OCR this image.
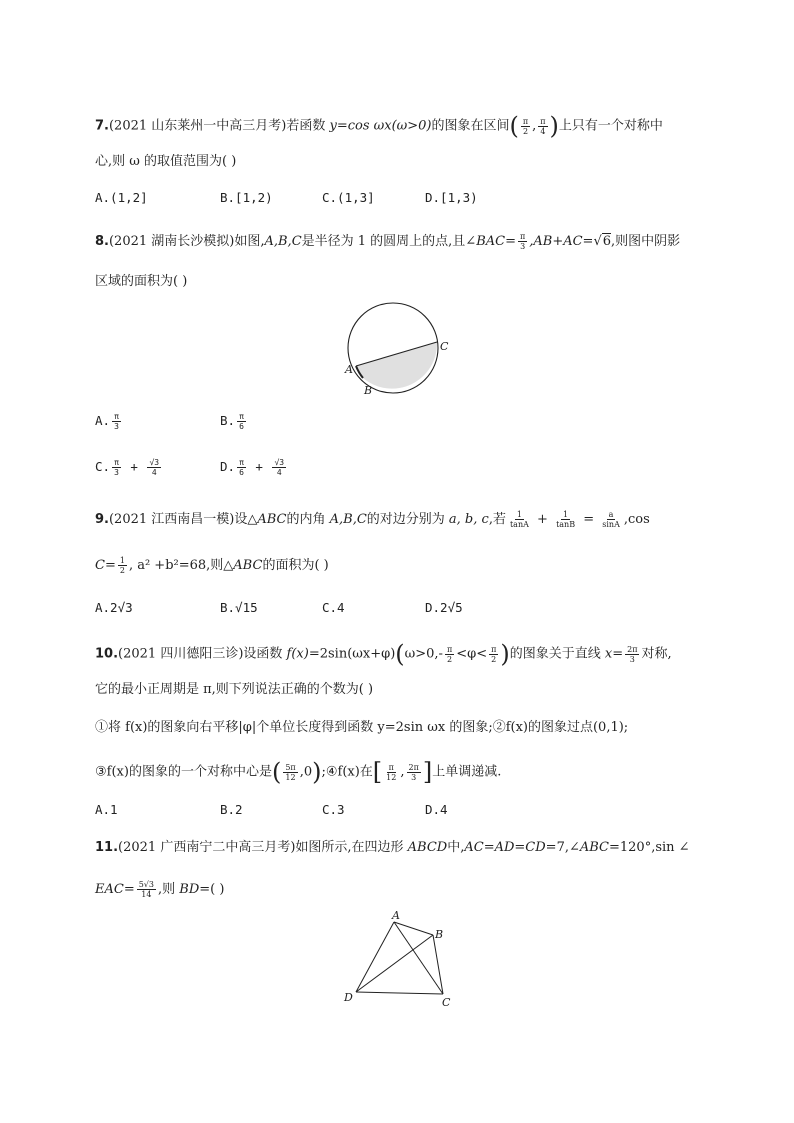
7.(2021 山东莱州一中高三月考)若函数 y=cos ωx(ω>0)的图象在区间( $\frac{\pi}{2}$ , $\frac{\pi}{4}$ )上只有一个对称中
心,则 ω 的取值范围为( )
A.(1,2]	B.[1,2)	C.(1,3]	D.[1,3)
8.(2021 湖南长沙模拟)如图,A,B,C是半径为 1 的圆周上的点,且∠BAC= $\frac{\pi}{3} ,AB+AC=√6$,则图中阴影
区域的面积为( )
A
B
C
A. $\frac{\pi}{3}$	B. $\frac{\pi}{6}$
C. $\frac{\pi}{3} + \frac{√3}{4}$	D. $\frac{\pi}{6} + \frac{√3}{4}$
9.(2021 江西南昌一模)设△ABC的内角 A,B,C的对边分别为 a, b, c,若 $\frac{1}{\tan A} + \frac{1}{\tan B} = \frac{a}{\sin A} ,\cos$
$C= \frac{1}{2}$ , a² +b²=68,则△ABC的面积为( )
A.2√3	B.√15	C.4	D.2√5
10.(2021 四川德阳三诊)设函数 $f(x)=2\sin(\omega x+\varphi)(\omega>0,- \frac{\pi}{2} <\varphi< \frac{\pi}{2}$ )的图象关于直线 $x= \frac{2\pi}{3}$ 对称,
它的最小正周期是 π,则下列说法正确的个数为( )
①将 f(x)的图象向右平移|φ|个单位长度得到函数 y=2sin ωx 的图象;②f(x)的图象过点(0,1);
③f(x)的图象的一个对称中心是( $\frac{5\pi}{12}$ ,0);④f(x)在[ $\frac{\pi}{12}$ , $\frac{2\pi}{3}$ ]上单调递减.
A.1	B.2	C.3	D.4
11.(2021 广西南宁二中高三月考)如图所示,在四边形 ABCD中,AC=AD=CD=7,∠ABC=120°,sin ∠
$EAC= \frac{5√3}{14}$ ,则 BD=( )
A
B
C
D
